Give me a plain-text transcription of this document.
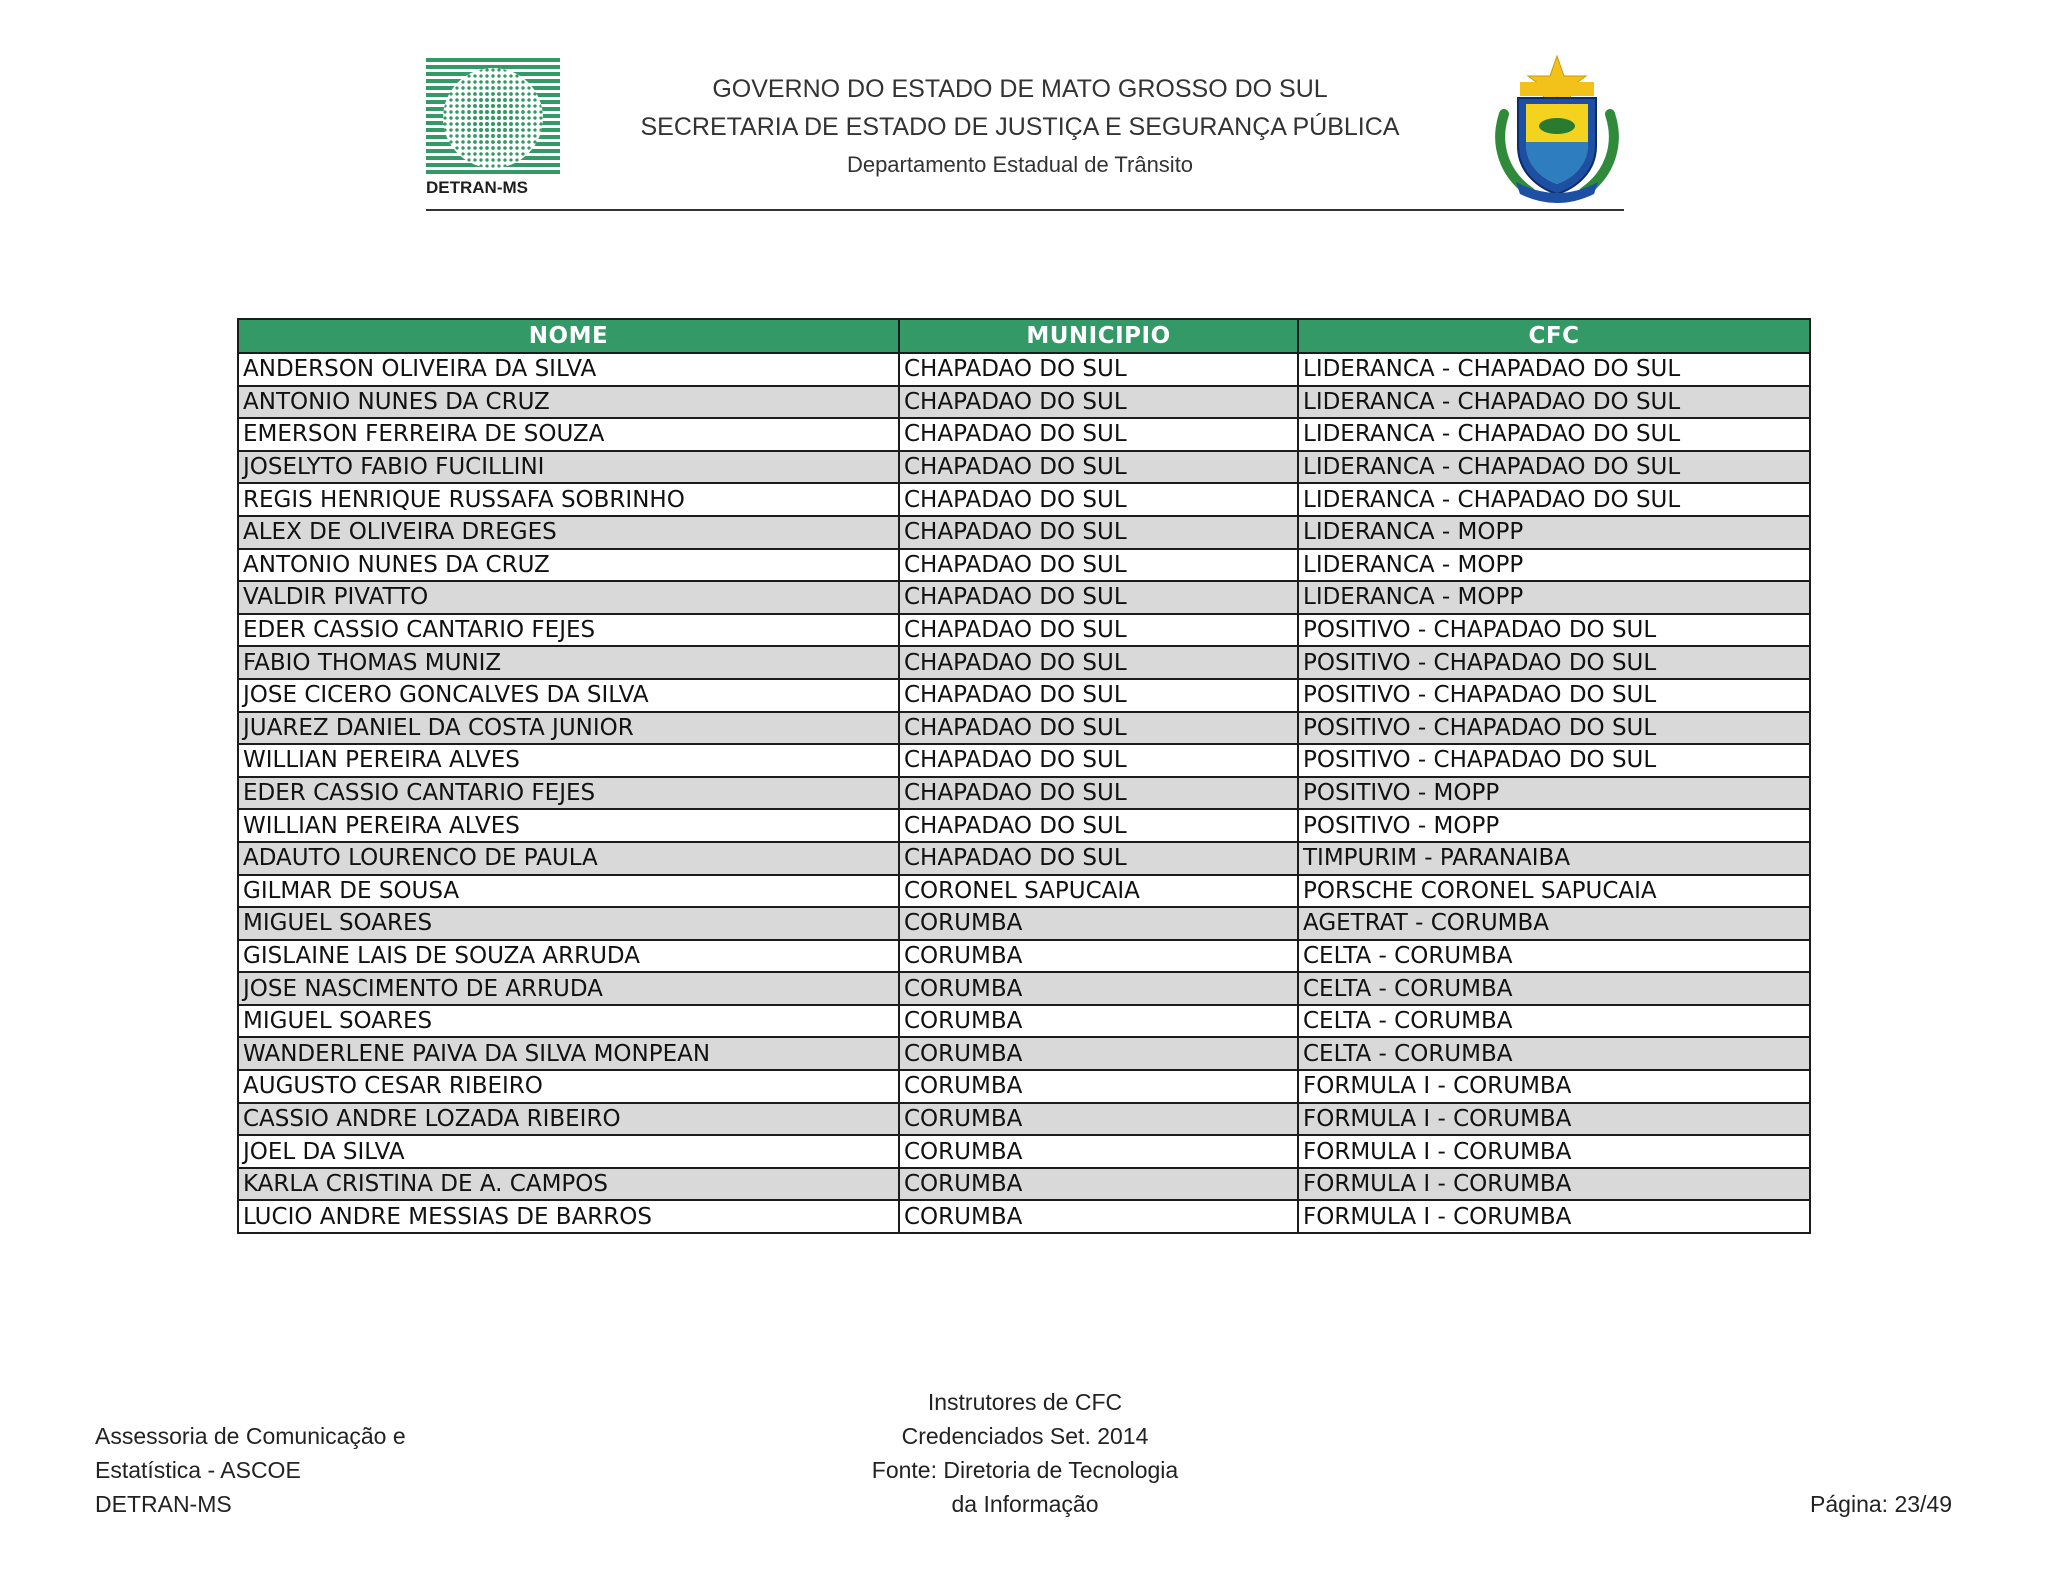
DETRAN-MS
GOVERNO DO ESTADO DE MATO GROSSO DO SUL
SECRETARIA DE ESTADO DE JUSTIÇA E SEGURANÇA PÚBLICA
Departamento Estadual de Trânsito
NOME	MUNICIPIO	CFC
ANDERSON OLIVEIRA DA SILVA	CHAPADAO DO SUL	LIDERANCA - CHAPADAO DO SUL
ANTONIO NUNES DA CRUZ	CHAPADAO DO SUL	LIDERANCA - CHAPADAO DO SUL
EMERSON FERREIRA DE SOUZA	CHAPADAO DO SUL	LIDERANCA - CHAPADAO DO SUL
JOSELYTO FABIO FUCILLINI	CHAPADAO DO SUL	LIDERANCA - CHAPADAO DO SUL
REGIS HENRIQUE RUSSAFA SOBRINHO	CHAPADAO DO SUL	LIDERANCA - CHAPADAO DO SUL
ALEX DE OLIVEIRA DREGES	CHAPADAO DO SUL	LIDERANCA - MOPP
ANTONIO NUNES DA CRUZ	CHAPADAO DO SUL	LIDERANCA - MOPP
VALDIR PIVATTO	CHAPADAO DO SUL	LIDERANCA - MOPP
EDER CASSIO CANTARIO FEJES	CHAPADAO DO SUL	POSITIVO - CHAPADAO DO SUL
FABIO THOMAS MUNIZ	CHAPADAO DO SUL	POSITIVO - CHAPADAO DO SUL
JOSE CICERO GONCALVES DA SILVA	CHAPADAO DO SUL	POSITIVO - CHAPADAO DO SUL
JUAREZ DANIEL DA COSTA JUNIOR	CHAPADAO DO SUL	POSITIVO - CHAPADAO DO SUL
WILLIAN PEREIRA ALVES	CHAPADAO DO SUL	POSITIVO - CHAPADAO DO SUL
EDER CASSIO CANTARIO FEJES	CHAPADAO DO SUL	POSITIVO - MOPP
WILLIAN PEREIRA ALVES	CHAPADAO DO SUL	POSITIVO - MOPP
ADAUTO LOURENCO DE PAULA	CHAPADAO DO SUL	TIMPURIM - PARANAIBA
GILMAR DE SOUSA	CORONEL SAPUCAIA	PORSCHE CORONEL SAPUCAIA
MIGUEL SOARES	CORUMBA	AGETRAT - CORUMBA
GISLAINE LAIS DE SOUZA ARRUDA	CORUMBA	CELTA - CORUMBA
JOSE NASCIMENTO DE ARRUDA	CORUMBA	CELTA - CORUMBA
MIGUEL SOARES	CORUMBA	CELTA - CORUMBA
WANDERLENE PAIVA DA SILVA MONPEAN	CORUMBA	CELTA - CORUMBA
AUGUSTO CESAR RIBEIRO	CORUMBA	FORMULA I - CORUMBA
CASSIO ANDRE LOZADA RIBEIRO	CORUMBA	FORMULA I - CORUMBA
JOEL DA SILVA	CORUMBA	FORMULA I - CORUMBA
KARLA CRISTINA DE A. CAMPOS	CORUMBA	FORMULA I - CORUMBA
LUCIO ANDRE MESSIAS DE BARROS	CORUMBA	FORMULA I - CORUMBA
Assessoria de Comunicação e
Estatística - ASCOE
DETRAN-MS
Instrutores de CFC
Credenciados Set. 2014
Fonte: Diretoria de Tecnologia
da Informação	Página: 23/49
